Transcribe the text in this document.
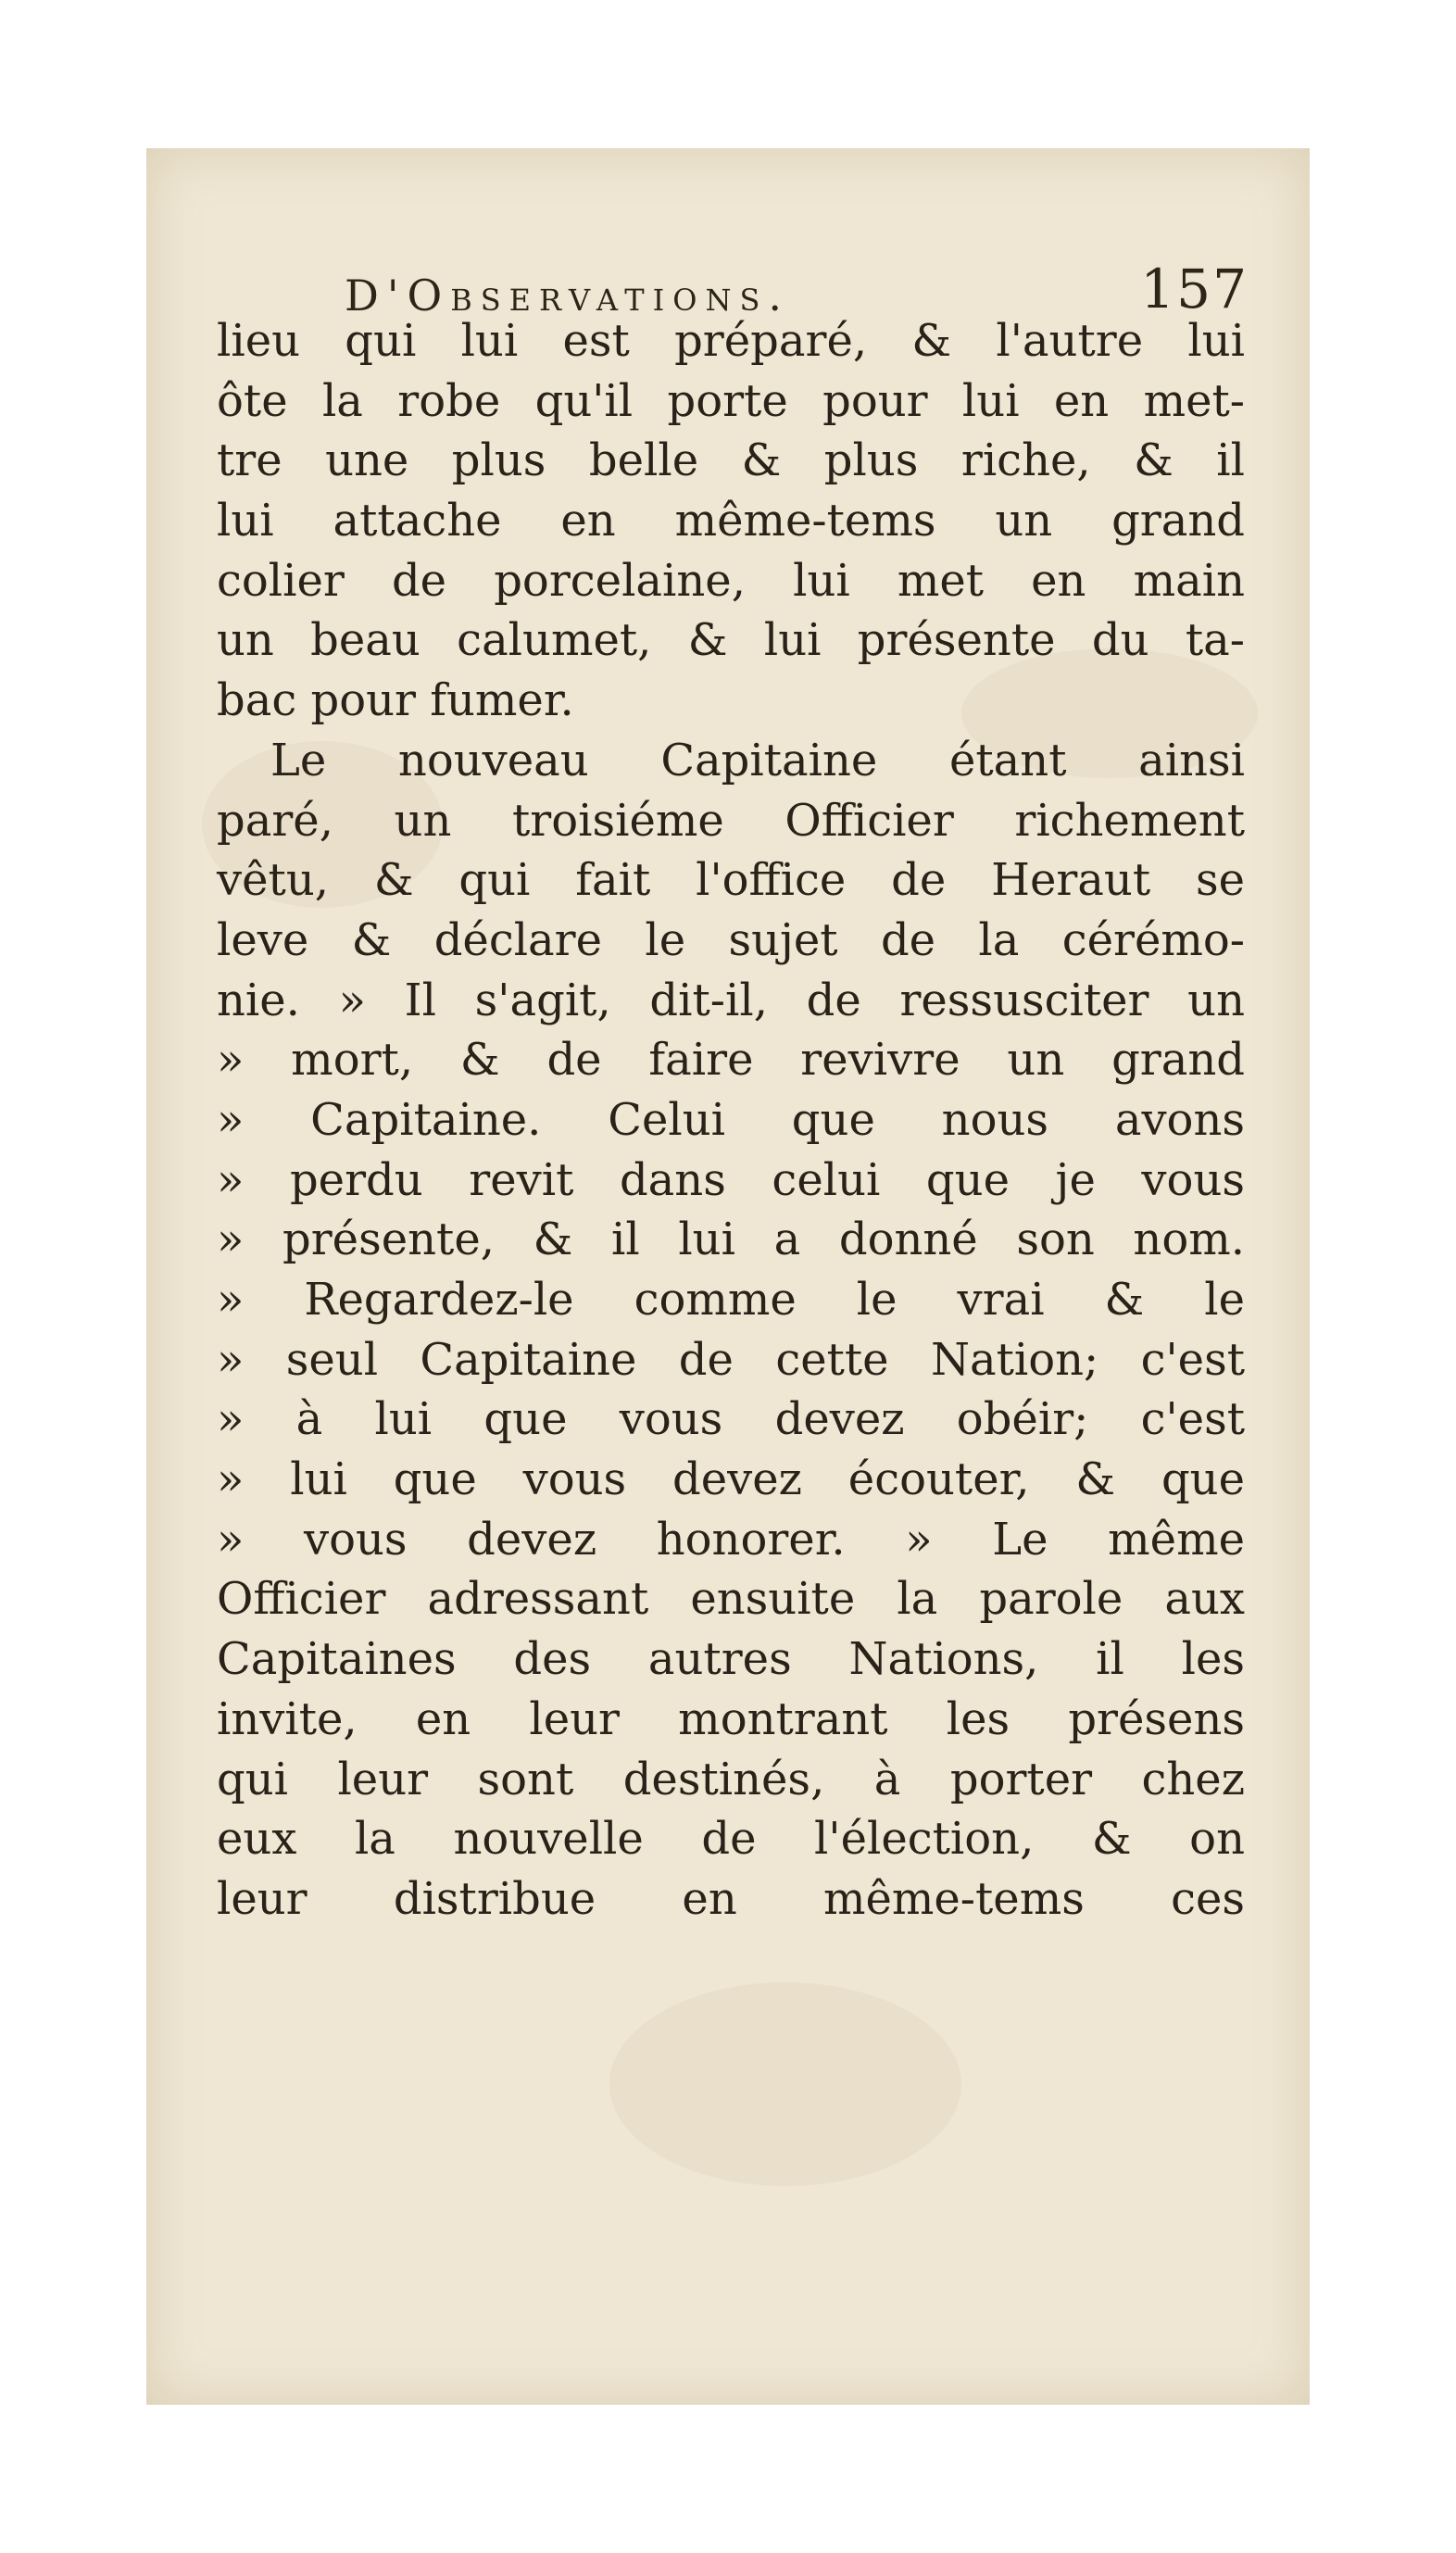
D'Observations.	157
lieu qui lui est préparé, & l'autre lui
ôte la robe qu'il porte pour lui en met-
tre une plus belle & plus riche, & il
lui attache en même-tems un grand
colier de porcelaine, lui met en main
un beau calumet, & lui présente du ta-
bac pour fumer.
Le nouveau Capitaine étant ainsi
paré, un troisiéme Officier richement
vêtu, & qui fait l'office de Heraut se
leve & déclare le sujet de la cérémo-
nie. » Il s'agit, dit-il, de ressusciter un
» mort, & de faire revivre un grand
» Capitaine. Celui que nous avons
» perdu revit dans celui que je vous
» présente, & il lui a donné son nom.
» Regardez-le comme le vrai & le
» seul Capitaine de cette Nation; c'est
» à lui que vous devez obéir; c'est
» lui que vous devez écouter, & que
» vous devez honorer. » Le même
Officier adressant ensuite la parole aux
Capitaines des autres Nations, il les
invite, en leur montrant les présens
qui leur sont destinés, à porter chez
eux la nouvelle de l'élection, & on
leur distribue en même-tems ces
